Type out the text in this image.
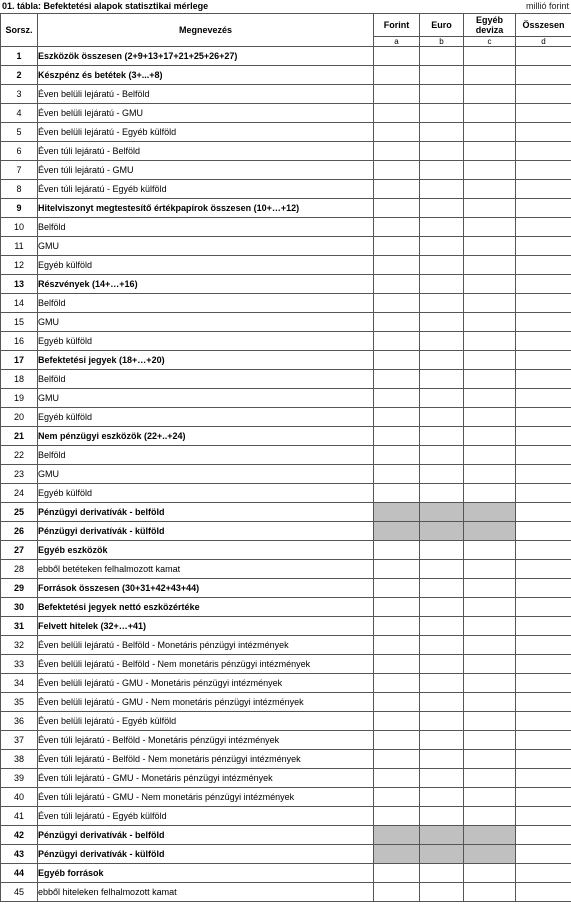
01. tábla: Befektetési alapok statisztikai mérlege	millió forint
Sorsz.	Megnevezés	Forint	Euro	Egyéb deviza	Összesen
		a	b	c	d
1	Eszközök összesen (2+9+13+17+21+25+26+27)				
2	Készpénz és betétek (3+...+8)				
3	Éven belüli lejáratú - Belföld				
4	Éven belüli lejáratú - GMU				
5	Éven belüli lejáratú - Egyéb külföld				
6	Éven túli lejáratú - Belföld				
7	Éven túli lejáratú - GMU				
8	Éven túli lejáratú - Egyéb külföld				
9	Hitelviszonyt megtestesítő értékpapírok összesen (10+…+12)				
10	Belföld				
11	GMU				
12	Egyéb külföld				
13	Részvények (14+…+16)				
14	Belföld				
15	GMU				
16	Egyéb külföld				
17	Befektetési jegyek (18+…+20)				
18	Belföld				
19	GMU				
20	Egyéb külföld				
21	Nem pénzügyi eszközök (22+..+24)				
22	Belföld				
23	GMU				
24	Egyéb külföld				
25	Pénzügyi derivatívák - belföld				
26	Pénzügyi derivatívák - külföld				
27	Egyéb eszközök				
28	ebből betéteken felhalmozott kamat				
29	Források összesen (30+31+42+43+44)				
30	Befektetési jegyek nettó eszközértéke				
31	Felvett hitelek (32+…+41)				
32	Éven belüli lejáratú - Belföld - Monetáris pénzügyi intézmények				
33	Éven belüli lejáratú - Belföld - Nem monetáris pénzügyi intézmények				
34	Éven belüli lejáratú - GMU - Monetáris pénzügyi intézmények				
35	Éven belüli lejáratú - GMU - Nem monetáris pénzügyi intézmények				
36	Éven belüli lejáratú - Egyéb külföld				
37	Éven túli lejáratú - Belföld - Monetáris pénzügyi intézmények				
38	Éven túli lejáratú - Belföld - Nem monetáris pénzügyi intézmények				
39	Éven túli lejáratú - GMU - Monetáris pénzügyi intézmények				
40	Éven túli lejáratú - GMU - Nem monetáris pénzügyi intézmények				
41	Éven túli lejáratú - Egyéb külföld				
42	Pénzügyi derivatívák - belföld				
43	Pénzügyi derivatívák - külföld				
44	Egyéb források				
45	ebből hiteleken felhalmozott kamat				
